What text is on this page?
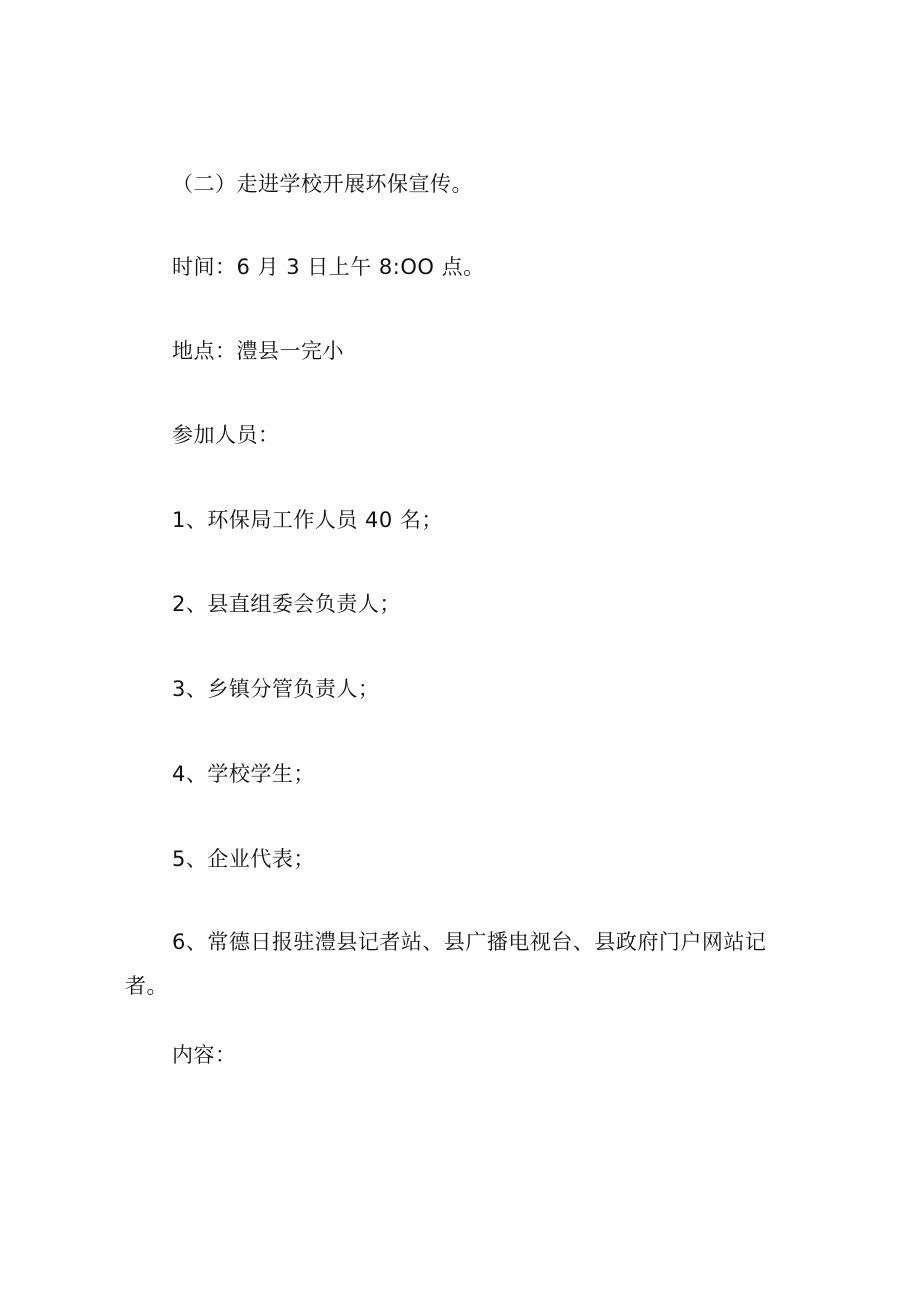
（二）走进学校开展环保宣传。
时间：6 月 3 日上午 8:OO 点。
地点：澧县一完小
参加人员：
1、环保局工作人员 40 名；
2、县直组委会负责人；
3、乡镇分管负责人；
4、学校学生；
5、企业代表；
6、常德日报驻澧县记者站、县广播电视台、县政府门户网站记者。
内容：
